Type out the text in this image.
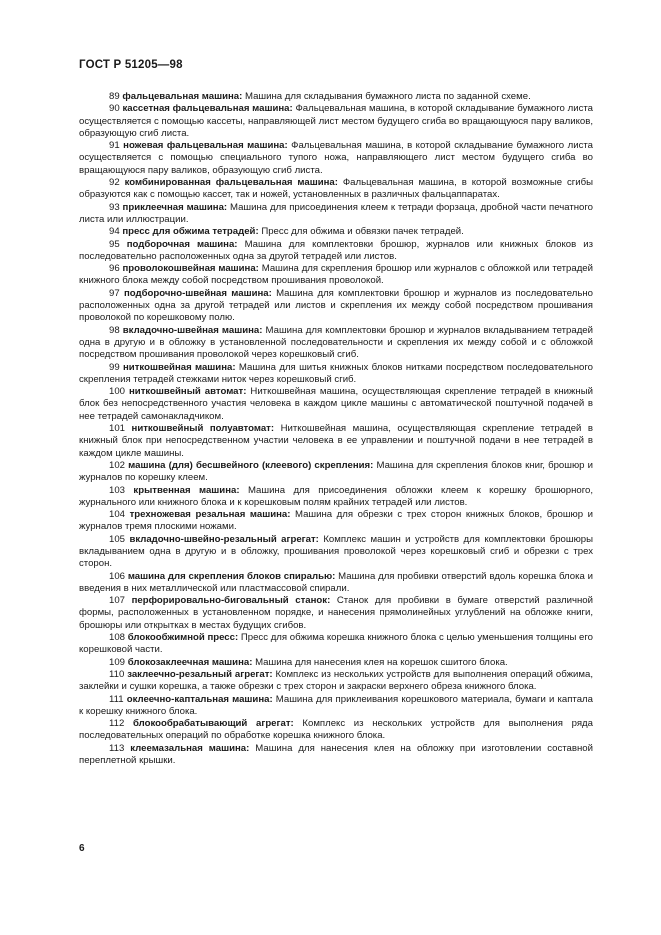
ГОСТ Р 51205—98

89 фальцевальная машина: Машина для складывания бумажного листа по заданной схеме.

90 кассетная фальцевальная машина: Фальцевальная машина, в которой складывание бумажного листа осуществляется с помощью кассеты, направляющей лист местом будущего сгиба во вращающуюся пару валиков, образующую сгиб листа.

91 ножевая фальцевальная машина: Фальцевальная машина, в которой складывание бумажного листа осуществляется с помощью специального тупого ножа, направляющего лист местом будущего сгиба во вращающуюся пару валиков, образующую сгиб листа.

92 комбинированная фальцевальная машина: Фальцевальная машина, в которой возможные сгибы образуются как с помощью кассет, так и ножей, установленных в различных фальцаппаратах.

93 приклеечная машина: Машина для присоединения клеем к тетради форзаца, дробной части печатного листа или иллюстрации.

94 пресс для обжима тетрадей: Пресс для обжима и обвязки пачек тетрадей.

95 подборочная машина: Машина для комплектовки брошюр, журналов или книжных блоков из последовательно расположенных одна за другой тетрадей или листов.

96 проволокошвейная машина: Машина для скрепления брошюр или журналов с обложкой или тетрадей книжного блока между собой посредством прошивания проволокой.

97 подборочно-швейная машина: Машина для комплектовки брошюр и журналов из последовательно расположенных одна за другой тетрадей или листов и скрепления их между собой посредством прошивания проволокой по корешковому полю.

98 вкладочно-швейная машина: Машина для комплектовки брошюр и журналов вкладыванием тетрадей одна в другую и в обложку в установленной последовательности и скрепления их между собой и с обложкой посредством прошивания проволокой через корешковый сгиб.

99 ниткошвейная машина: Машина для шитья книжных блоков нитками посредством последовательного скрепления тетрадей стежками ниток через корешковый сгиб.

100 ниткошвейный автомат: Ниткошвейная машина, осуществляющая скрепление тетрадей в книжный блок без непосредственного участия человека в каждом цикле машины с автоматической поштучной подачей в нее тетрадей самонакладчиком.

101 ниткошвейный полуавтомат: Ниткошвейная машина, осуществляющая скрепление тетрадей в книжный блок при непосредственном участии человека в ее управлении и поштучной подачи в нее тетрадей в каждом цикле машины.

102 машина (для) бесшвейного (клеевого) скрепления: Машина для скрепления блоков книг, брошюр и журналов по корешку клеем.

103 крытвенная машина: Машина для присоединения обложки клеем к корешку брошюрного, журнального или книжного блока и к корешковым полям крайних тетрадей или листов.

104 трехножевая резальная машина: Машина для обрезки с трех сторон книжных блоков, брошюр и журналов тремя плоскими ножами.

105 вкладочно-швейно-резальный агрегат: Комплекс машин и устройств для комплектовки брошюры вкладыванием одна в другую и в обложку, прошивания проволокой через корешковый сгиб и обрезки с трех сторон.

106 машина для скрепления блоков спиралью: Машина для пробивки отверстий вдоль корешка блока и введения в них металлической или пластмассовой спирали.

107 перфорировально-биговальный станок: Станок для пробивки в бумаге отверстий различной формы, расположенных в установленном порядке, и нанесения прямолинейных углублений на обложке книги, брошюры или открытках в местах будущих сгибов.

108 блокообжимной пресс: Пресс для обжима корешка книжного блока с целью уменьшения толщины его корешковой части.

109 блокозаклеечная машина: Машина для нанесения клея на корешок сшитого блока.

110 заклеечно-резальный агрегат: Комплекс из нескольких устройств для выполнения операций обжима, заклейки и сушки корешка, а также обрезки с трех сторон и закраски верхнего обреза книжного блока.

111 оклеечно-каптальная машина: Машина для приклеивания корешкового материала, бумаги и каптала к корешку книжного блока.

112 блокообрабатывающий агрегат: Комплекс из нескольких устройств для выполнения ряда последовательных операций по обработке корешка книжного блока.

113 клеемазальная машина: Машина для нанесения клея на обложку при изготовлении составной переплетной крышки.

6
